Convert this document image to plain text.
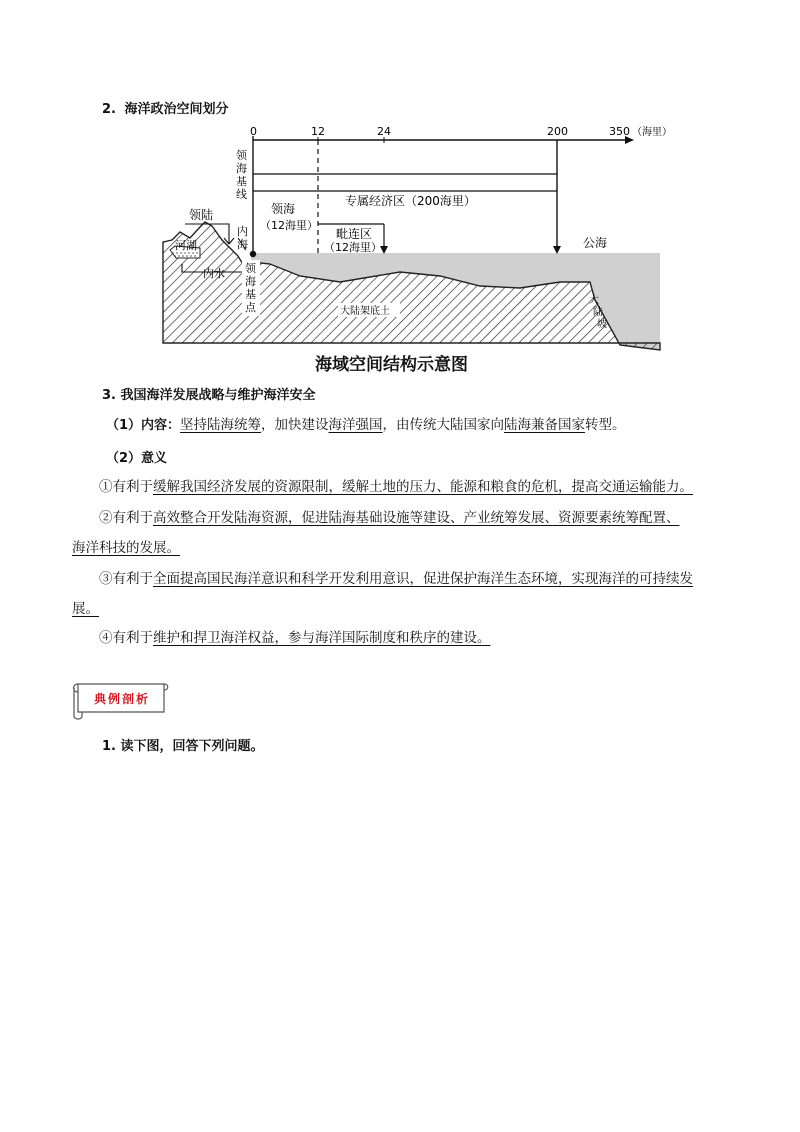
2. 海洋政治空间划分
0	12	24	200	350 （海里）
领
海
基
线
领陆
河湖
内水
内
海
领海
（12海里）
专属经济区（200海里）
毗连区
（12海里）	公海
领
海
基
点	大陆架底土
大
陆
坡
海域空间结构示意图
3. 我国海洋发展战略与维护海洋安全
（1）内容：坚持陆海统筹，加快建设海洋强国，由传统大陆国家向陆海兼备国家转型。
（2）意义
①有利于缓解我国经济发展的资源限制，缓解土地的压力、能源和粮食的危机，提高交通运输能力。
②有利于高效整合开发陆海资源，促进陆海基础设施等建设、产业统筹发展、资源要素统筹配置、
海洋科技的发展。
③有利于全面提高国民海洋意识和科学开发利用意识，促进保护海洋生态环境，实现海洋的可持续发
展。
④有利于维护和捍卫海洋权益，参与海洋国际制度和秩序的建设。
典例剖析
1. 读下图，回答下列问题。
